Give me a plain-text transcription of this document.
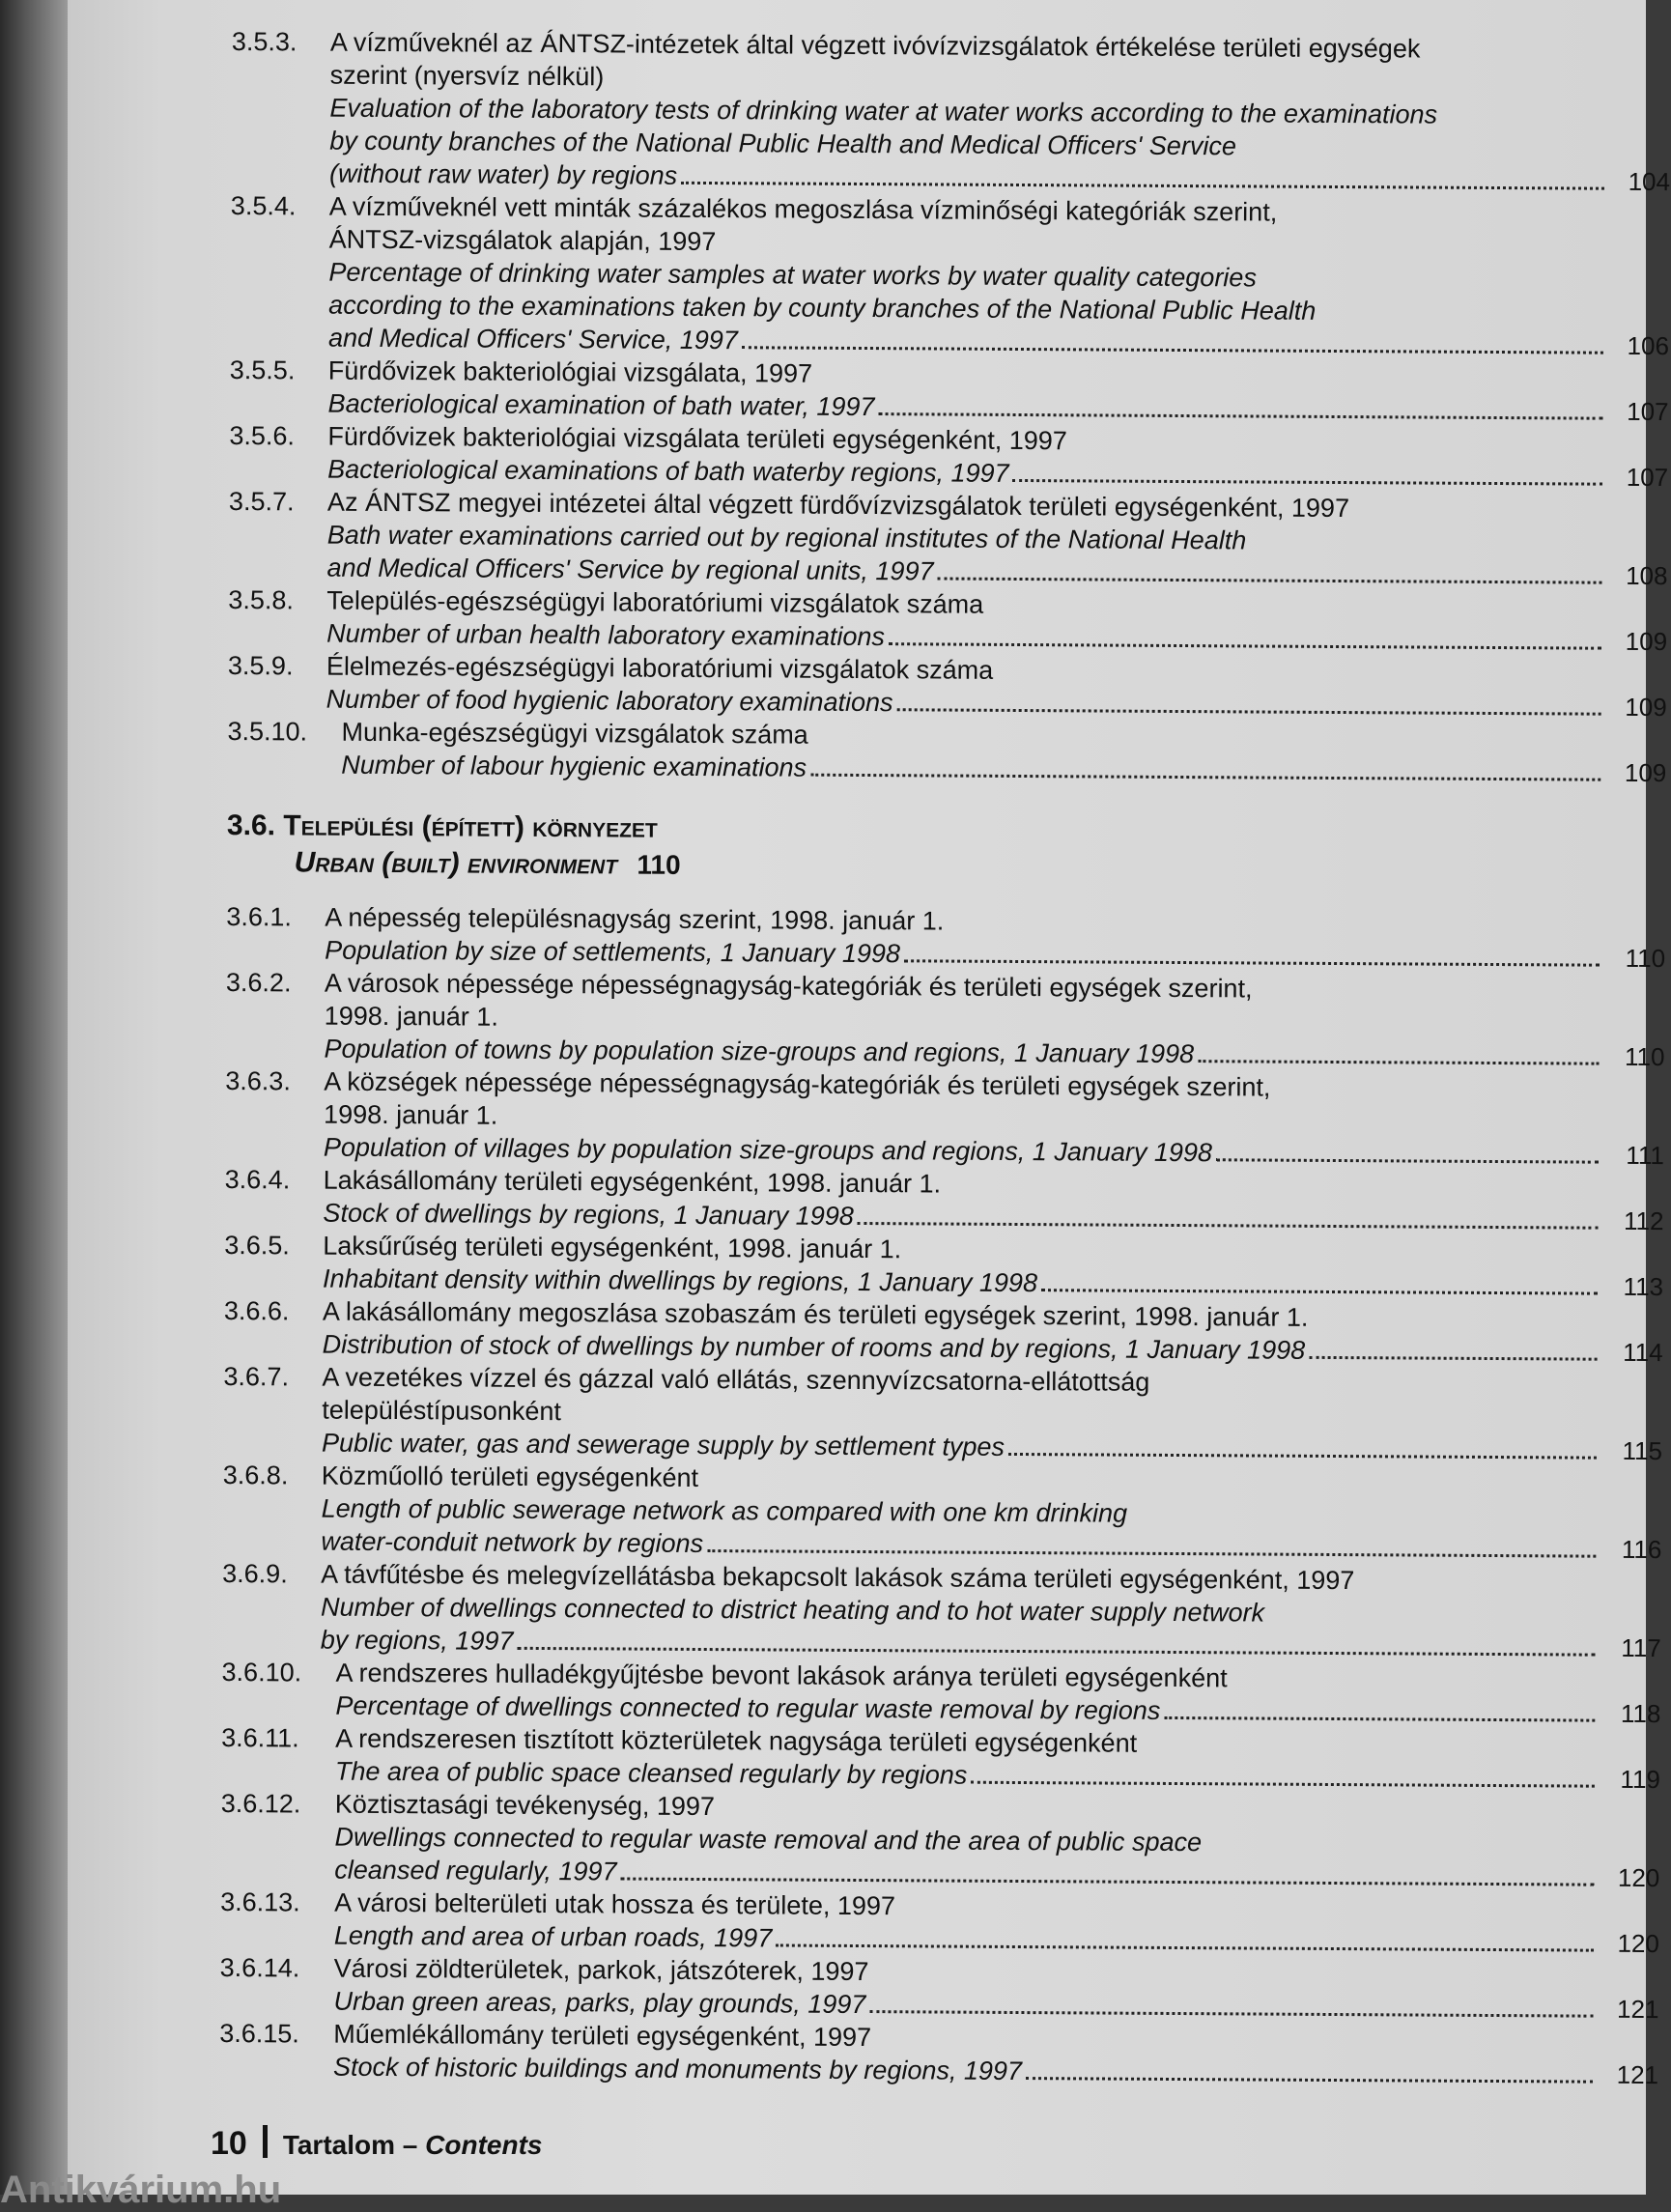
3.5.3. A vízműveknél az ÁNTSZ-intézetek által végzett ivóvízvizsgálatok értékelése területi egységek
szerint (nyersvíz nélkül)
Evaluation of the laboratory tests of drinking water at water works according to the examinations
by county branches of the National Public Health and Medical Officers' Service
(without raw water) by regions	104
3.5.4. A vízműveknél vett minták százalékos megoszlása vízminőségi kategóriák szerint,
ÁNTSZ-vizsgálatok alapján, 1997
Percentage of drinking water samples at water works by water quality categories
according to the examinations taken by county branches of the National Public Health
and Medical Officers' Service, 1997	106
3.5.5. Fürdővizek bakteriológiai vizsgálata, 1997
Bacteriological examination of bath water, 1997	107
3.5.6. Fürdővizek bakteriológiai vizsgálata területi egységenként, 1997
Bacteriological examinations of bath waterby regions, 1997	107
3.5.7. Az ÁNTSZ megyei intézetei által végzett fürdővízvizsgálatok területi egységenként, 1997
Bath water examinations carried out by regional institutes of the National Health
and Medical Officers' Service by regional units, 1997	108
3.5.8. Település-egészségügyi laboratóriumi vizsgálatok száma
Number of urban health laboratory examinations	109
3.5.9. Élelmezés-egészségügyi laboratóriumi vizsgálatok száma
Number of food hygienic laboratory examinations	109
3.5.10. Munka-egészségügyi vizsgálatok száma
Number of labour hygienic examinations	109
3.6. Települési (épített) környezet
Urban (built) environment 110
3.6.1. A népesség településnagyság szerint, 1998. január 1.
Population by size of settlements, 1 January 1998	110
3.6.2. A városok népessége népességnagyság-kategóriák és területi egységek szerint,
1998. január 1.
Population of towns by population size-groups and regions, 1 January 1998	110
3.6.3. A községek népessége népességnagyság-kategóriák és területi egységek szerint,
1998. január 1.
Population of villages by population size-groups and regions, 1 January 1998	111
3.6.4. Lakásállomány területi egységenként, 1998. január 1.
Stock of dwellings by regions, 1 January 1998	112
3.6.5. Laksűrűség területi egységenként, 1998. január 1.
Inhabitant density within dwellings by regions, 1 January 1998	113
3.6.6. A lakásállomány megoszlása szobaszám és területi egységek szerint, 1998. január 1.
Distribution of stock of dwellings by number of rooms and by regions, 1 January 1998	114
3.6.7. A vezetékes vízzel és gázzal való ellátás, szennyvízcsatorna-ellátottság
településtípusonként
Public water, gas and sewerage supply by settlement types	115
3.6.8. Közműolló területi egységenként
Length of public sewerage network as compared with one km drinking
water-conduit network by regions	116
3.6.9. A távfűtésbe és melegvízellátásba bekapcsolt lakások száma területi egységenként, 1997
Number of dwellings connected to district heating and to hot water supply network
by regions, 1997	117
3.6.10. A rendszeres hulladékgyűjtésbe bevont lakások aránya területi egységenként
Percentage of dwellings connected to regular waste removal by regions	118
3.6.11. A rendszeresen tisztított közterületek nagysága területi egységenként
The area of public space cleansed regularly by regions	119
3.6.12. Köztisztasági tevékenység, 1997
Dwellings connected to regular waste removal and the area of public space
cleansed regularly, 1997	120
3.6.13. A városi belterületi utak hossza és területe, 1997
Length and area of urban roads, 1997	120
3.6.14. Városi zöldterületek, parkok, játszóterek, 1997
Urban green areas, parks, play grounds, 1997	121
3.6.15. Műemlékállomány területi egységenként, 1997
Stock of historic buildings and monuments by regions, 1997	121
10 Tartalom – Contents
Antikvárium.hu
